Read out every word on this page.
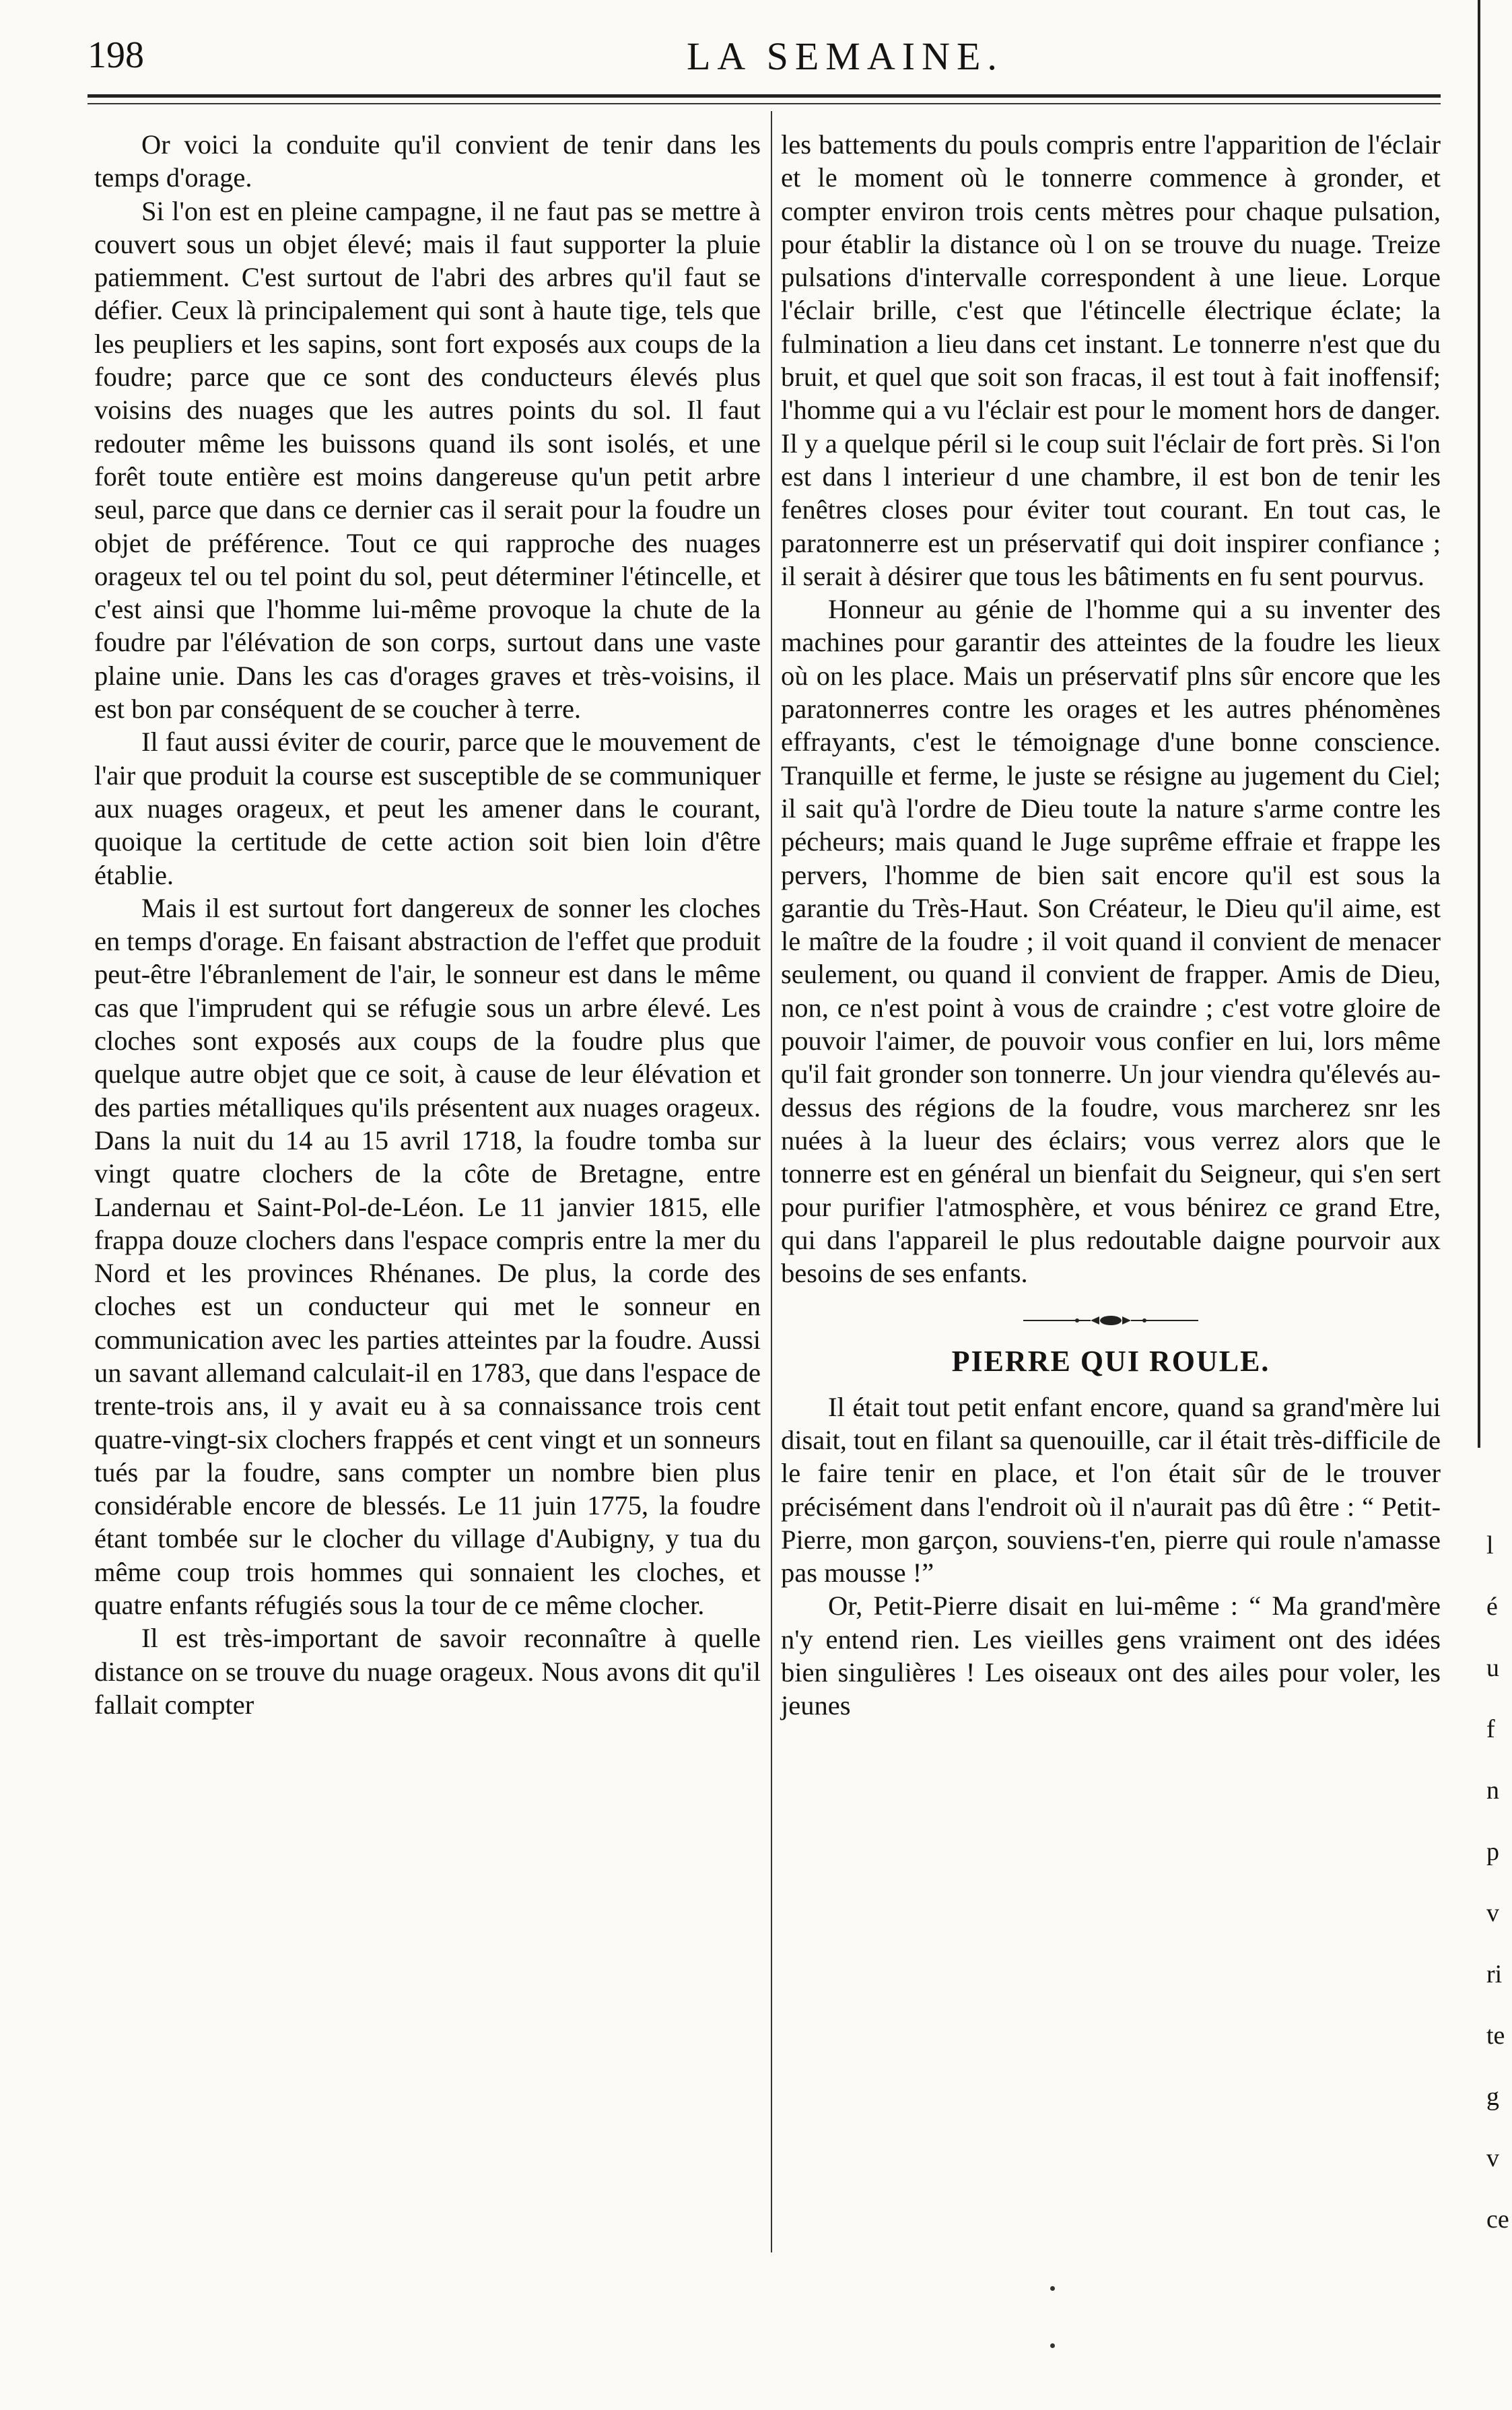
198	LA SEMAINE.

Or voici la conduite qu'il convient de tenir dans les temps d'orage.

Si l'on est en pleine campagne, il ne faut pas se mettre à couvert sous un objet élevé; mais il faut supporter la pluie patiemment. C'est surtout de l'abri des arbres qu'il faut se défier. Ceux là principalement qui sont à haute tige, tels que les peupliers et les sapins, sont fort exposés aux coups de la foudre; parce que ce sont des conducteurs élevés plus voisins des nuages que les autres points du sol. Il faut redouter même les buissons quand ils sont isolés, et une forêt toute entière est moins dangereuse qu'un petit arbre seul, parce que dans ce dernier cas il serait pour la foudre un objet de préférence. Tout ce qui rapproche des nuages orageux tel ou tel point du sol, peut déterminer l'étincelle, et c'est ainsi que l'homme lui-même provoque la chute de la foudre par l'élévation de son corps, surtout dans une vaste plaine unie. Dans les cas d'orages graves et très-voisins, il est bon par conséquent de se coucher à terre.

Il faut aussi éviter de courir, parce que le mouvement de l'air que produit la course est susceptible de se communiquer aux nuages orageux, et peut les amener dans le courant, quoique la certitude de cette action soit bien loin d'être établie.

Mais il est surtout fort dangereux de sonner les cloches en temps d'orage. En faisant abstraction de l'effet que produit peut-être l'ébranlement de l'air, le sonneur est dans le même cas que l'imprudent qui se réfugie sous un arbre élevé. Les cloches sont exposés aux coups de la foudre plus que quelque autre objet que ce soit, à cause de leur élévation et des parties métalliques qu'ils présentent aux nuages orageux. Dans la nuit du 14 au 15 avril 1718, la foudre tomba sur vingt quatre clochers de la côte de Bretagne, entre Landernau et Saint-Pol-de-Léon. Le 11 janvier 1815, elle frappa douze clochers dans l'espace compris entre la mer du Nord et les provinces Rhénanes. De plus, la corde des cloches est un conducteur qui met le sonneur en communication avec les parties atteintes par la foudre. Aussi un savant allemand calculait-il en 1783, que dans l'espace de trente-trois ans, il y avait eu à sa connaissance trois cent quatre-vingt-six clochers frappés et cent vingt et un sonneurs tués par la foudre, sans compter un nombre bien plus considérable encore de blessés. Le 11 juin 1775, la foudre étant tombée sur le clocher du village d'Aubigny, y tua du même coup trois hommes qui sonnaient les cloches, et quatre enfants réfugiés sous la tour de ce même clocher.

Il est très-important de savoir reconnaître à quelle distance on se trouve du nuage orageux. Nous avons dit qu'il fallait compter

les battements du pouls compris entre l'apparition de l'éclair et le moment où le tonnerre commence à gronder, et compter environ trois cents mètres pour chaque pulsation, pour établir la distance où l on se trouve du nuage. Treize pulsations d'intervalle correspondent à une lieue. Lorque l'éclair brille, c'est que l'étincelle électrique éclate; la fulmination a lieu dans cet instant. Le tonnerre n'est que du bruit, et quel que soit son fracas, il est tout à fait inoffensif; l'homme qui a vu l'éclair est pour le moment hors de danger. Il y a quelque péril si le coup suit l'éclair de fort près. Si l'on est dans l interieur d une chambre, il est bon de tenir les fenêtres closes pour éviter tout courant. En tout cas, le paratonnerre est un préservatif qui doit inspirer confiance ; il serait à désirer que tous les bâtiments en fu sent pourvus.

Honneur au génie de l'homme qui a su inventer des machines pour garantir des atteintes de la foudre les lieux où on les place. Mais un préservatif plns sûr encore que les paratonnerres contre les orages et les autres phénomènes effrayants, c'est le témoignage d'une bonne conscience. Tranquille et ferme, le juste se résigne au jugement du Ciel; il sait qu'à l'ordre de Dieu toute la nature s'arme contre les pécheurs; mais quand le Juge suprême effraie et frappe les pervers, l'homme de bien sait encore qu'il est sous la garantie du Très-Haut. Son Créateur, le Dieu qu'il aime, est le maître de la foudre ; il voit quand il convient de menacer seulement, ou quand il convient de frapper. Amis de Dieu, non, ce n'est point à vous de craindre ; c'est votre gloire de pouvoir l'aimer, de pouvoir vous confier en lui, lors même qu'il fait gronder son tonnerre. Un jour viendra qu'élevés au-dessus des régions de la foudre, vous marcherez snr les nuées à la lueur des éclairs; vous verrez alors que le tonnerre est en général un bienfait du Seigneur, qui s'en sert pour purifier l'atmosphère, et vous bénirez ce grand Etre, qui dans l'appareil le plus redoutable daigne pourvoir aux besoins de ses enfants.

PIERRE QUI ROULE.

Il était tout petit enfant encore, quand sa grand'mère lui disait, tout en filant sa quenouille, car il était très-difficile de le faire tenir en place, et l'on était sûr de le trouver précisément dans l'endroit où il n'aurait pas dû être : “ Petit-Pierre, mon garçon, souviens-t'en, pierre qui roule n'amasse pas mousse !”

Or, Petit-Pierre disait en lui-même : “ Ma grand'mère n'y entend rien. Les vieilles gens vraiment ont des idées bien singulières ! Les oiseaux ont des ailes pour voler, les jeunes

l
é
u
f
n
p
v
ri
te
g
v
ce
